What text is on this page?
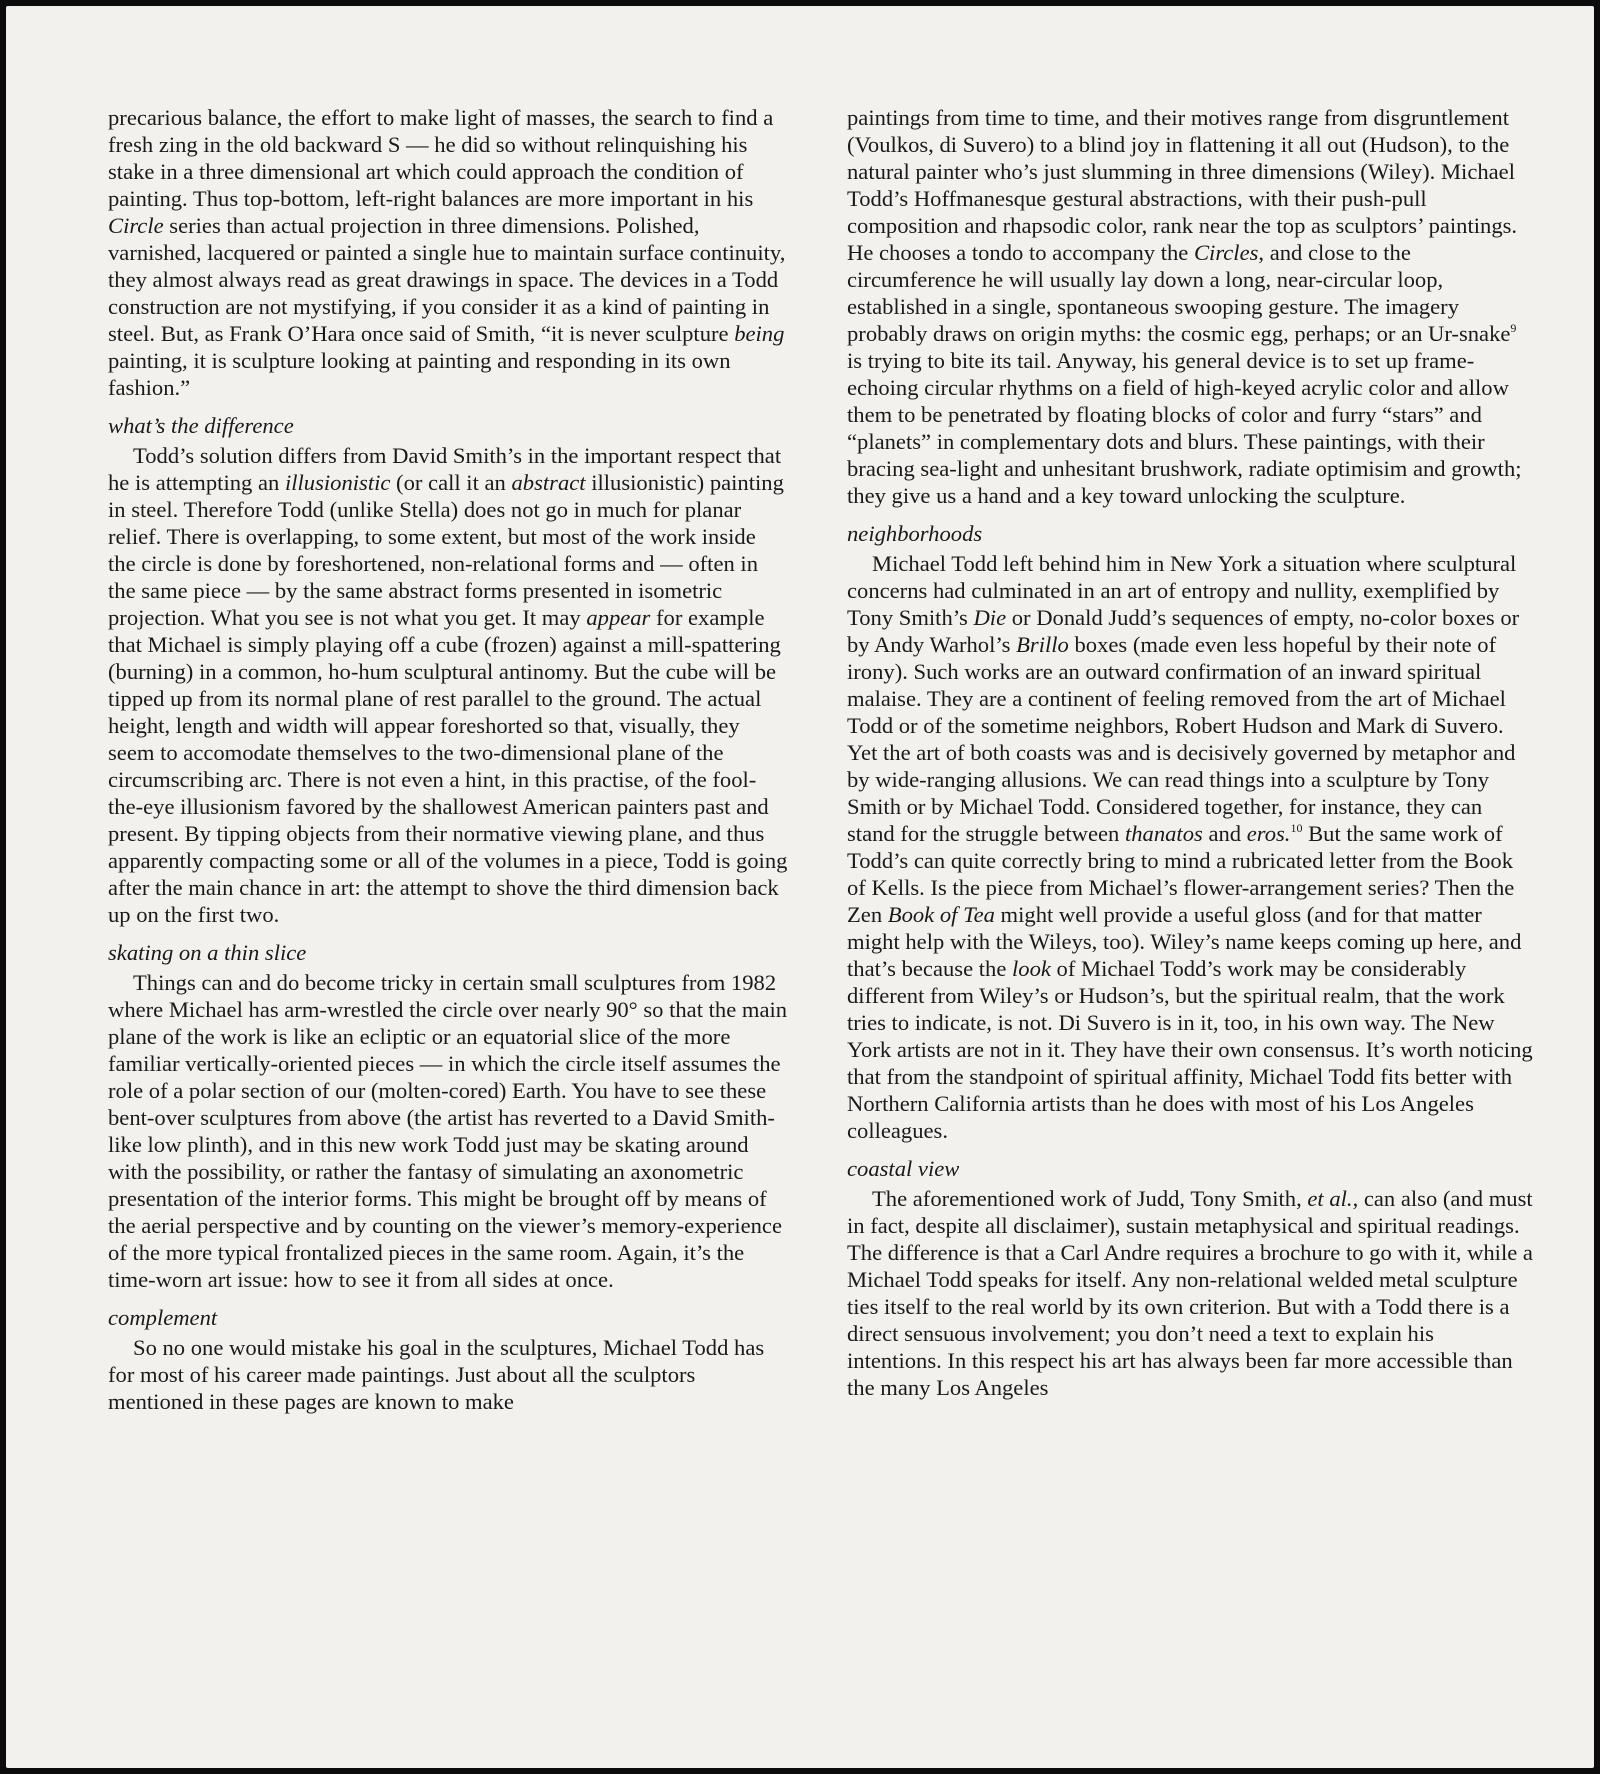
precarious balance, the effort to make light of masses, the search to find a fresh zing in the old backward S — he did so without relinquishing his stake in a three dimensional art which could approach the condition of painting. Thus top-bottom, left-right balances are more important in his Circle series than actual projection in three dimensions. Polished, varnished, lacquered or painted a single hue to maintain surface continuity, they almost always read as great drawings in space. The devices in a Todd construction are not mystifying, if you consider it as a kind of painting in steel. But, as Frank O’Hara once said of Smith, “it is never sculpture being painting, it is sculpture looking at painting and responding in its own fashion.”

what’s the difference

Todd’s solution differs from David Smith’s in the important respect that he is attempting an illusionistic (or call it an abstract illusionistic) painting in steel. Therefore Todd (unlike Stella) does not go in much for planar relief. There is overlapping, to some extent, but most of the work inside the circle is done by foreshortened, non-relational forms and — often in the same piece — by the same abstract forms presented in isometric projection. What you see is not what you get. It may appear for example that Michael is simply playing off a cube (frozen) against a mill-spattering (burning) in a common, ho-hum sculptural antinomy. But the cube will be tipped up from its normal plane of rest parallel to the ground. The actual height, length and width will appear foreshorted so that, visually, they seem to accomodate themselves to the two-dimensional plane of the circumscribing arc. There is not even a hint, in this practise, of the fool-the-eye illusionism favored by the shallowest American painters past and present. By tipping objects from their normative viewing plane, and thus apparently compacting some or all of the volumes in a piece, Todd is going after the main chance in art: the attempt to shove the third dimension back up on the first two.

skating on a thin slice

Things can and do become tricky in certain small sculptures from 1982 where Michael has arm-wrestled the circle over nearly 90° so that the main plane of the work is like an ecliptic or an equatorial slice of the more familiar vertically-oriented pieces — in which the circle itself assumes the role of a polar section of our (molten-cored) Earth. You have to see these bent-over sculptures from above (the artist has reverted to a David Smith-like low plinth), and in this new work Todd just may be skating around with the possibility, or rather the fantasy of simulating an axonometric presentation of the interior forms. This might be brought off by means of the aerial perspective and by counting on the viewer’s memory-experience of the more typical frontalized pieces in the same room. Again, it’s the time-worn art issue: how to see it from all sides at once.

complement

So no one would mistake his goal in the sculptures, Michael Todd has for most of his career made paintings. Just about all the sculptors mentioned in these pages are known to make

paintings from time to time, and their motives range from disgruntlement (Voulkos, di Suvero) to a blind joy in flattening it all out (Hudson), to the natural painter who’s just slumming in three dimensions (Wiley). Michael Todd’s Hoffmanesque gestural abstractions, with their push-pull composition and rhapsodic color, rank near the top as sculptors’ paintings. He chooses a tondo to accompany the Circles, and close to the circumference he will usually lay down a long, near-circular loop, established in a single, spontaneous swooping gesture. The imagery probably draws on origin myths: the cosmic egg, perhaps; or an Ur-snake$^9$ is trying to bite its tail. Anyway, his general device is to set up frame-echoing circular rhythms on a field of high-keyed acrylic color and allow them to be penetrated by floating blocks of color and furry “stars” and “planets” in complementary dots and blurs. These paintings, with their bracing sea-light and unhesitant brushwork, radiate optimisim and growth; they give us a hand and a key toward unlocking the sculpture.

neighborhoods

Michael Todd left behind him in New York a situation where sculptural concerns had culminated in an art of entropy and nullity, exemplified by Tony Smith’s Die or Donald Judd’s sequences of empty, no-color boxes or by Andy Warhol’s Brillo boxes (made even less hopeful by their note of irony). Such works are an outward confirmation of an inward spiritual malaise. They are a continent of feeling removed from the art of Michael Todd or of the sometime neighbors, Robert Hudson and Mark di Suvero. Yet the art of both coasts was and is decisively governed by metaphor and by wide-ranging allusions. We can read things into a sculpture by Tony Smith or by Michael Todd. Considered together, for instance, they can stand for the struggle between thanatos and eros.$^{10}$ But the same work of Todd’s can quite correctly bring to mind a rubricated letter from the Book of Kells. Is the piece from Michael’s flower-arrangement series? Then the Zen Book of Tea might well provide a useful gloss (and for that matter might help with the Wileys, too). Wiley’s name keeps coming up here, and that’s because the look of Michael Todd’s work may be considerably different from Wiley’s or Hudson’s, but the spiritual realm, that the work tries to indicate, is not. Di Suvero is in it, too, in his own way. The New York artists are not in it. They have their own consensus. It’s worth noticing that from the standpoint of spiritual affinity, Michael Todd fits better with Northern California artists than he does with most of his Los Angeles colleagues.

coastal view

The aforementioned work of Judd, Tony Smith, et al., can also (and must in fact, despite all disclaimer), sustain metaphysical and spiritual readings. The difference is that a Carl Andre requires a brochure to go with it, while a Michael Todd speaks for itself. Any non-relational welded metal sculpture ties itself to the real world by its own criterion. But with a Todd there is a direct sensuous involvement; you don’t need a text to explain his intentions. In this respect his art has always been far more accessible than the many Los Angeles
